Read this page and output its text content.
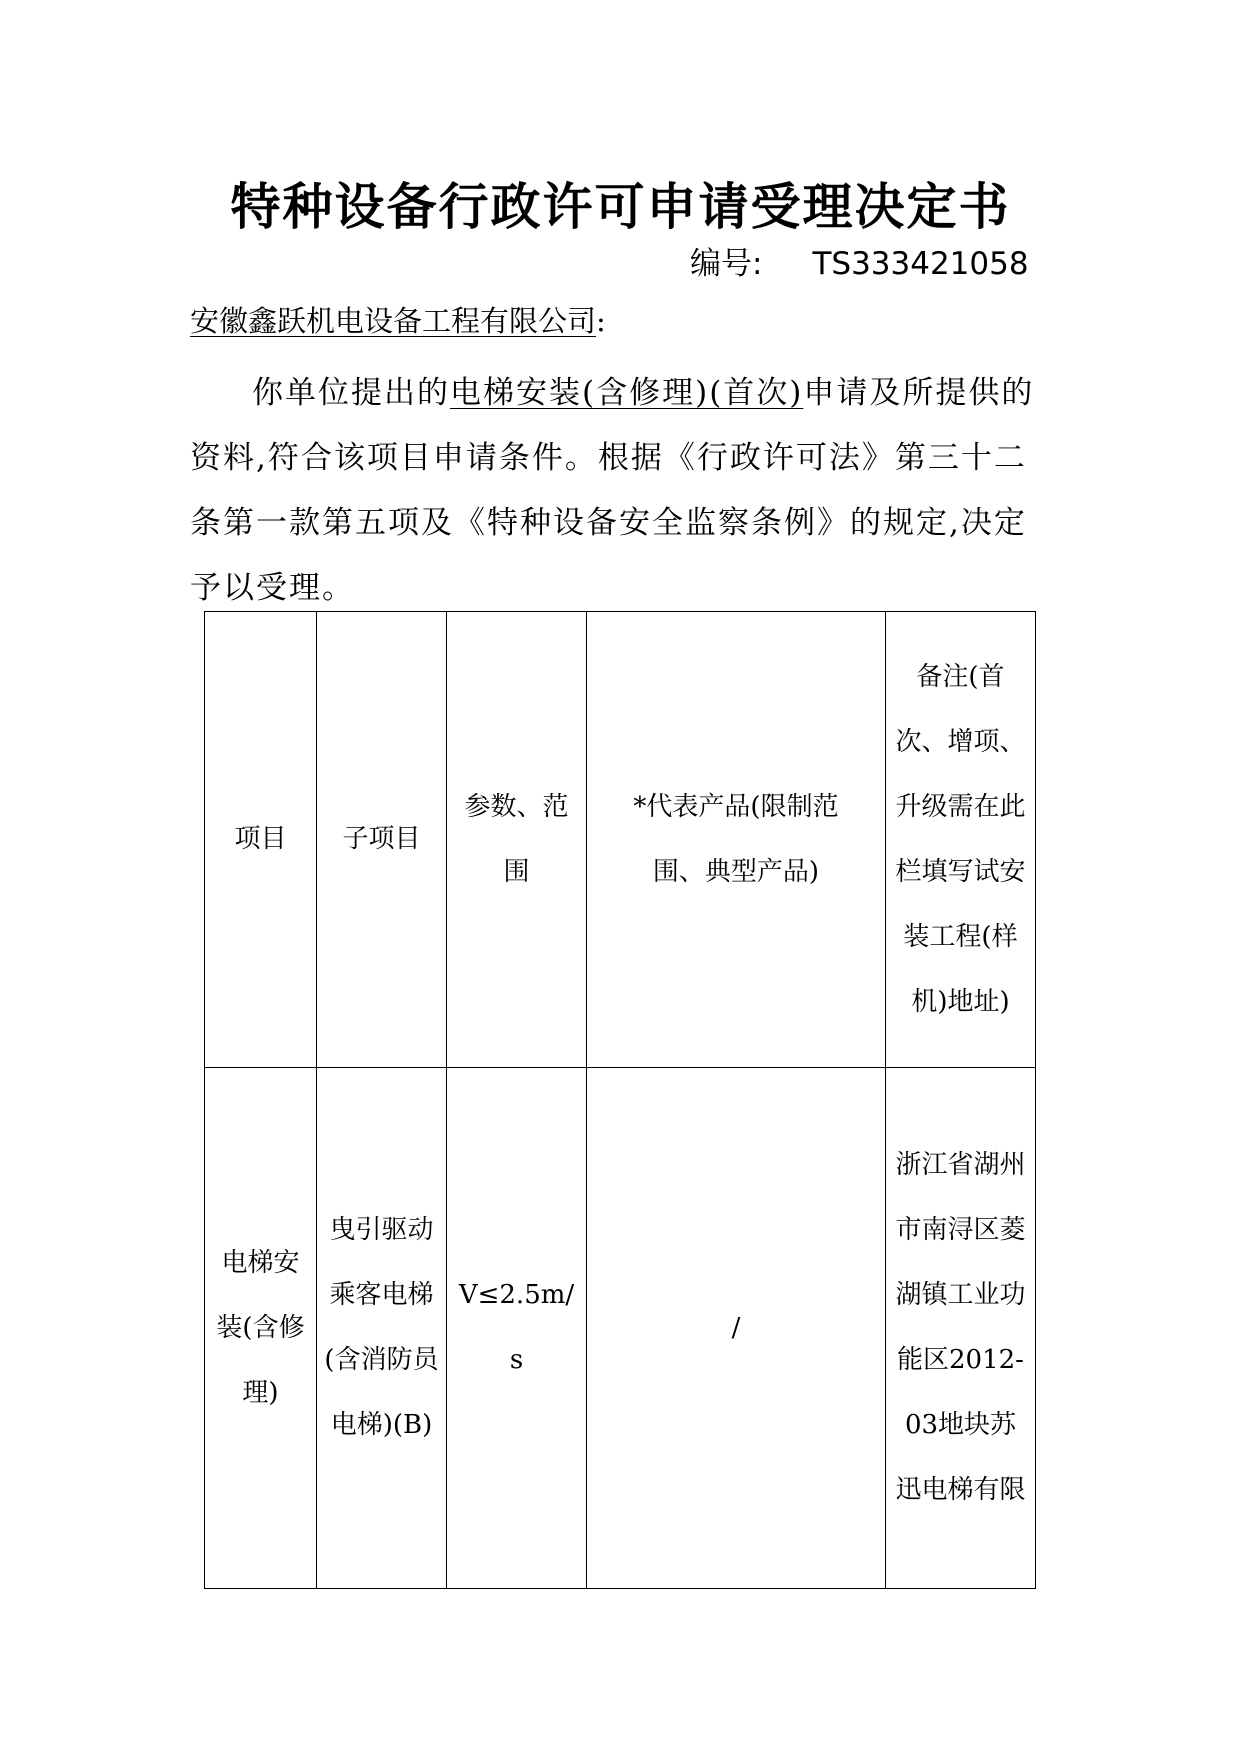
特种设备行政许可申请受理决定书
编号: TS333421058
安徽鑫跃机电设备工程有限公司:

你单位提出的电梯安装(含修理)(首次)申请及所提供的资料,符合该项目申请条件。根据《行政许可法》第三十二条第一款第五项及《特种设备安全监察条例》的规定,决定予以受理。

项目	子项目	参数、范围	*代表产品(限制范围、典型产品)	备注(首次、增项、升级需在此栏填写试安装工程(样机)地址)
电梯安装(含修理)	曳引驱动乘客电梯(含消防员电梯)(B)	V≤2.5m/s	/	浙江省湖州市南浔区菱湖镇工业功能区2012-03地块苏迅电梯有限
